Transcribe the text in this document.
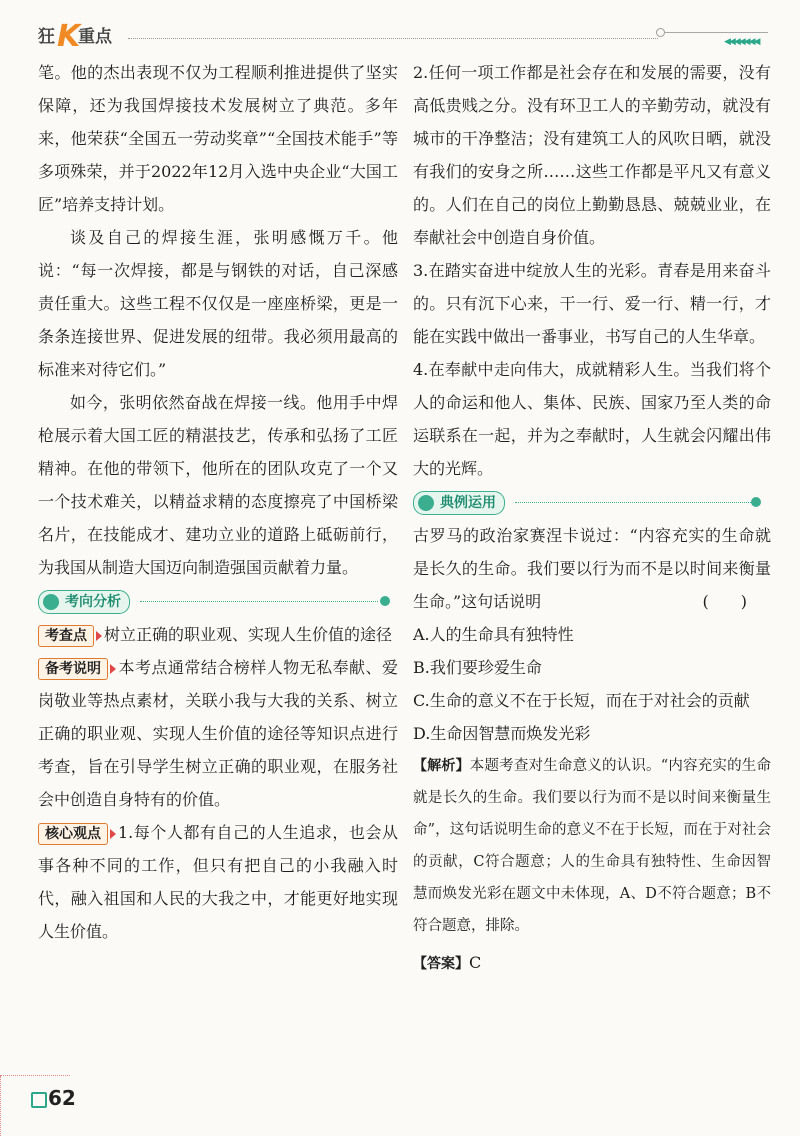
狂 K
重点	◀◀◀◀◀◀◀

笔。他的杰出表现不仅为工程顺利推进提供了坚实保障，还为我国焊接技术发展树立了典范。多年来，他荣获“全国五一劳动奖章”“全国技术能手”等多项殊荣，并于2022年12月入选中央企业“大国工匠”培养支持计划。

谈及自己的焊接生涯，张明感慨万千。他说：“每一次焊接，都是与钢铁的对话，自己深感责任重大。这些工程不仅仅是一座座桥梁，更是一条条连接世界、促进发展的纽带。我必须用最高的标准来对待它们。”

如今，张明依然奋战在焊接一线。他用手中焊枪展示着大国工匠的精湛技艺，传承和弘扬了工匠精神。在他的带领下，他所在的团队攻克了一个又一个技术难关，以精益求精的态度擦亮了中国桥梁名片，在技能成才、建功立业的道路上砥砺前行，为我国从制造大国迈向制造强国贡献着力量。

考向分析

考查点 树立正确的职业观、实现人生价值的途径

备考说明 本考点通常结合榜样人物无私奉献、爱岗敬业等热点素材，关联小我与大我的关系、树立正确的职业观、实现人生价值的途径等知识点进行考查，旨在引导学生树立正确的职业观，在服务社会中创造自身特有的价值。

核心观点 1.每个人都有自己的人生追求，也会从事各种不同的工作，但只有把自己的小我融入时代，融入祖国和人民的大我之中，才能更好地实现人生价值。

2.任何一项工作都是社会存在和发展的需要，没有高低贵贱之分。没有环卫工人的辛勤劳动，就没有城市的干净整洁；没有建筑工人的风吹日晒，就没有我们的安身之所……这些工作都是平凡又有意义的。人们在自己的岗位上勤勤恳恳、兢兢业业，在奉献社会中创造自身价值。

3.在踏实奋进中绽放人生的光彩。青春是用来奋斗的。只有沉下心来，干一行、爱一行、精一行，才能在实践中做出一番事业，书写自己的人生华章。

4.在奉献中走向伟大，成就精彩人生。当我们将个人的命运和他人、集体、民族、国家乃至人类的命运联系在一起，并为之奉献时，人生就会闪耀出伟大的光辉。

典例运用

古罗马的政治家赛涅卡说过：“内容充实的生命就是长久的生命。我们要以行为而不是以时间来衡量生命。”这句话说明	(　　)

A.人的生命具有独特性

B.我们要珍爱生命

C.生命的意义不在于长短，而在于对社会的贡献

D.生命因智慧而焕发光彩

【解析】本题考查对生命意义的认识。“内容充实的生命就是长久的生命。我们要以行为而不是以时间来衡量生命”，这句话说明生命的意义不在于长短，而在于对社会的贡献，C符合题意；人的生命具有独特性、生命因智慧而焕发光彩在题文中未体现，A、D不符合题意；B不符合题意，排除。

【答案】C

62
